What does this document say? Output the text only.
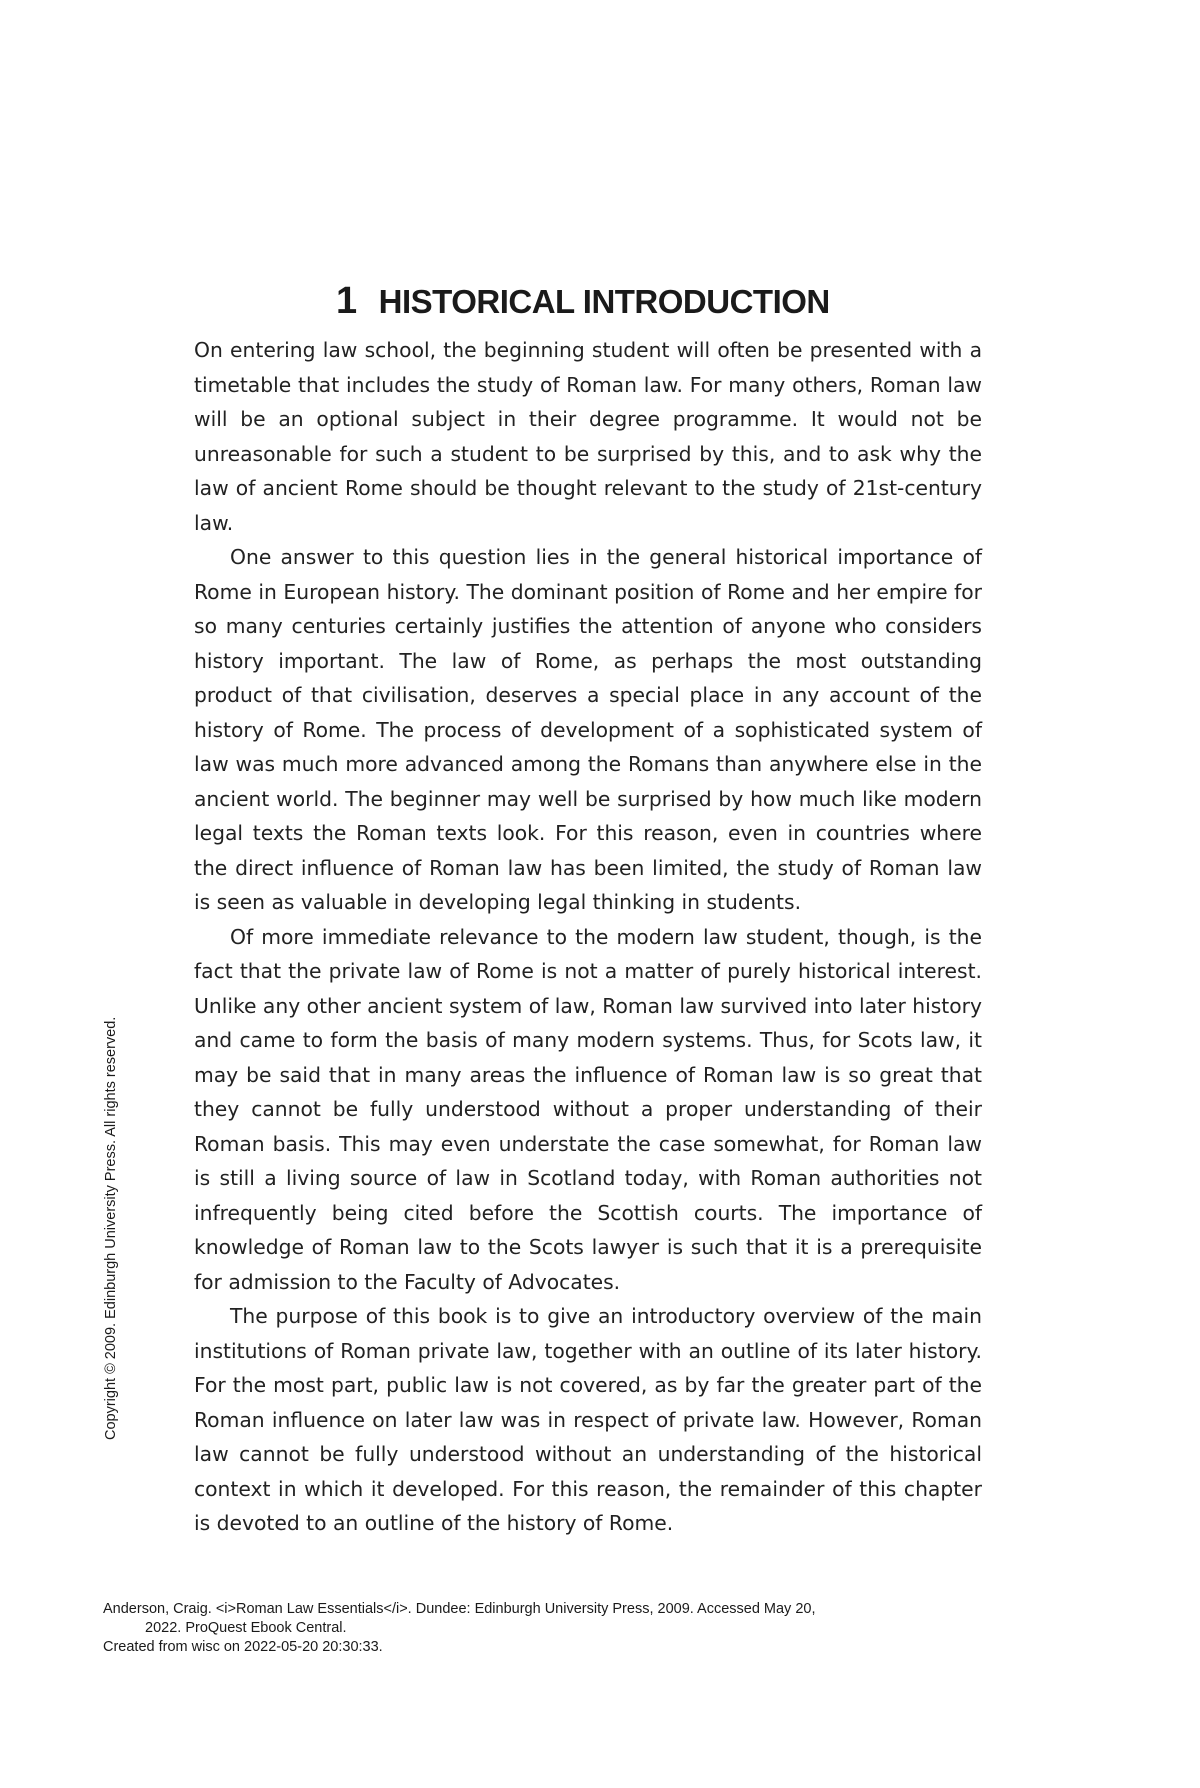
1 HISTORICAL INTRODUCTION

On entering law school, the beginning student will often be presented with a timetable that includes the study of Roman law. For many others, Roman law will be an optional subject in their degree programme. It would not be unreasonable for such a student to be surprised by this, and to ask why the law of ancient Rome should be thought relevant to the study of 21st-century law.

One answer to this question lies in the general historical importance of Rome in European history. The dominant position of Rome and her empire for so many centuries certainly justifies the attention of anyone who considers history important. The law of Rome, as perhaps the most outstanding product of that civilisation, deserves a special place in any account of the history of Rome. The process of development of a sophisticated system of law was much more advanced among the Romans than anywhere else in the ancient world. The beginner may well be surprised by how much like modern legal texts the Roman texts look. For this reason, even in countries where the direct influence of Roman law has been limited, the study of Roman law is seen as valuable in developing legal thinking in students.

Of more immediate relevance to the modern law student, though, is the fact that the private law of Rome is not a matter of purely historical interest. Unlike any other ancient system of law, Roman law survived into later history and came to form the basis of many modern systems. Thus, for Scots law, it may be said that in many areas the influence of Roman law is so great that they cannot be fully understood without a proper understanding of their Roman basis. This may even understate the case somewhat, for Roman law is still a living source of law in Scotland today, with Roman authorities not infrequently being cited before the Scottish courts. The importance of knowledge of Roman law to the Scots lawyer is such that it is a prerequisite for admission to the Faculty of Advocates.

The purpose of this book is to give an introductory overview of the main institutions of Roman private law, together with an outline of its later history. For the most part, public law is not covered, as by far the greater part of the Roman influence on later law was in respect of private law. However, Roman law cannot be fully understood without an understanding of the historical context in which it developed. For this reason, the remainder of this chapter is devoted to an outline of the history of Rome.

Copyright © 2009. Edinburgh University Press. All rights reserved.
Anderson, Craig. <i>Roman Law Essentials</i>. Dundee: Edinburgh University Press, 2009. Accessed May 20,
2022. ProQuest Ebook Central.
Created from wisc on 2022-05-20 20:30:33.
